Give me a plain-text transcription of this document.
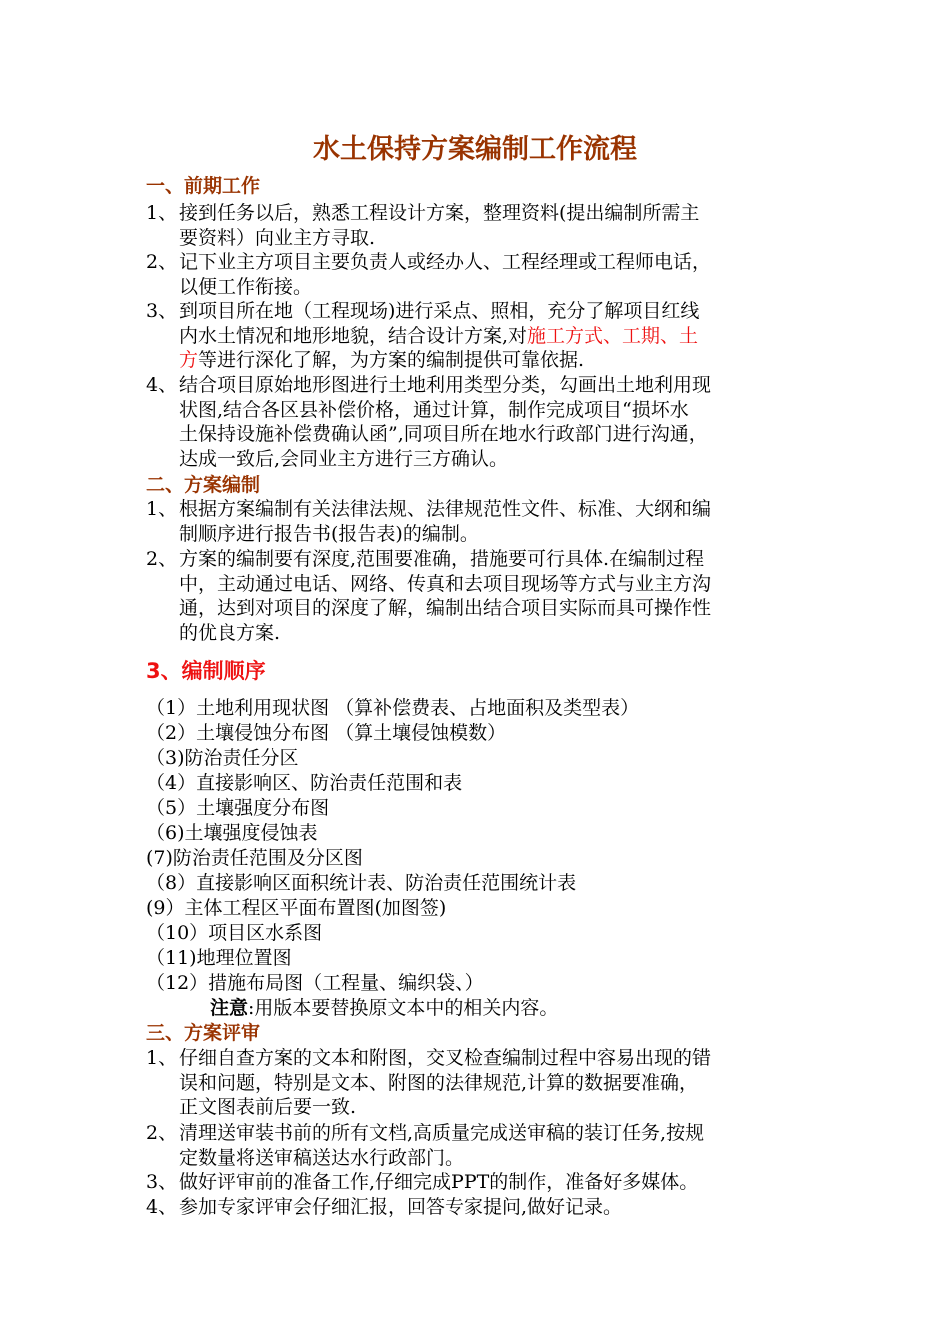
水土保持方案编制工作流程
一、前期工作
1、 接到任务以后，熟悉工程设计方案，整理资料(提出编制所需主
要资料）向业主方寻取.
2、 记下业主方项目主要负责人或经办人、工程经理或工程师电话，
以便工作衔接。
3、 到项目所在地（工程现场)进行采点、照相，充分了解项目红线
内水土情况和地形地貌，结合设计方案,对施工方式、工期、土
方等进行深化了解，为方案的编制提供可靠依据.
4、 结合项目原始地形图进行土地利用类型分类，勾画出土地利用现
状图,结合各区县补偿价格，通过计算，制作完成项目“损坏水
土保持设施补偿费确认函”,同项目所在地水行政部门进行沟通，
达成一致后,会同业主方进行三方确认。
二、方案编制
1、 根据方案编制有关法律法规、法律规范性文件、标准、大纲和编
制顺序进行报告书(报告表)的编制。
2、 方案的编制要有深度,范围要准确，措施要可行具体.在编制过程
中，主动通过电话、网络、传真和去项目现场等方式与业主方沟
通，达到对项目的深度了解，编制出结合项目实际而具可操作性
的优良方案.
3、编制顺序
（1）土地利用现状图 （算补偿费表、占地面积及类型表）
（2）土壤侵蚀分布图 （算土壤侵蚀模数）
（3)防治责任分区
（4）直接影响区、防治责任范围和表
（5）土壤强度分布图
（6)土壤强度侵蚀表
(7)防治责任范围及分区图
（8）直接影响区面积统计表、防治责任范围统计表
(9）主体工程区平面布置图(加图签)
（10）项目区水系图
（11)地理位置图
（12）措施布局图（工程量、编织袋、）
注意:用版本要替换原文本中的相关内容。
三、方案评审
1、 仔细自查方案的文本和附图，交叉检查编制过程中容易出现的错
误和问题，特别是文本、附图的法律规范,计算的数据要准确，
正文图表前后要一致.
2、 清理送审装书前的所有文档,高质量完成送审稿的装订任务,按规
定数量将送审稿送达水行政部门。
3、 做好评审前的准备工作,仔细完成PPT的制作，准备好多媒体。
4、 参加专家评审会仔细汇报，回答专家提问,做好记录。
